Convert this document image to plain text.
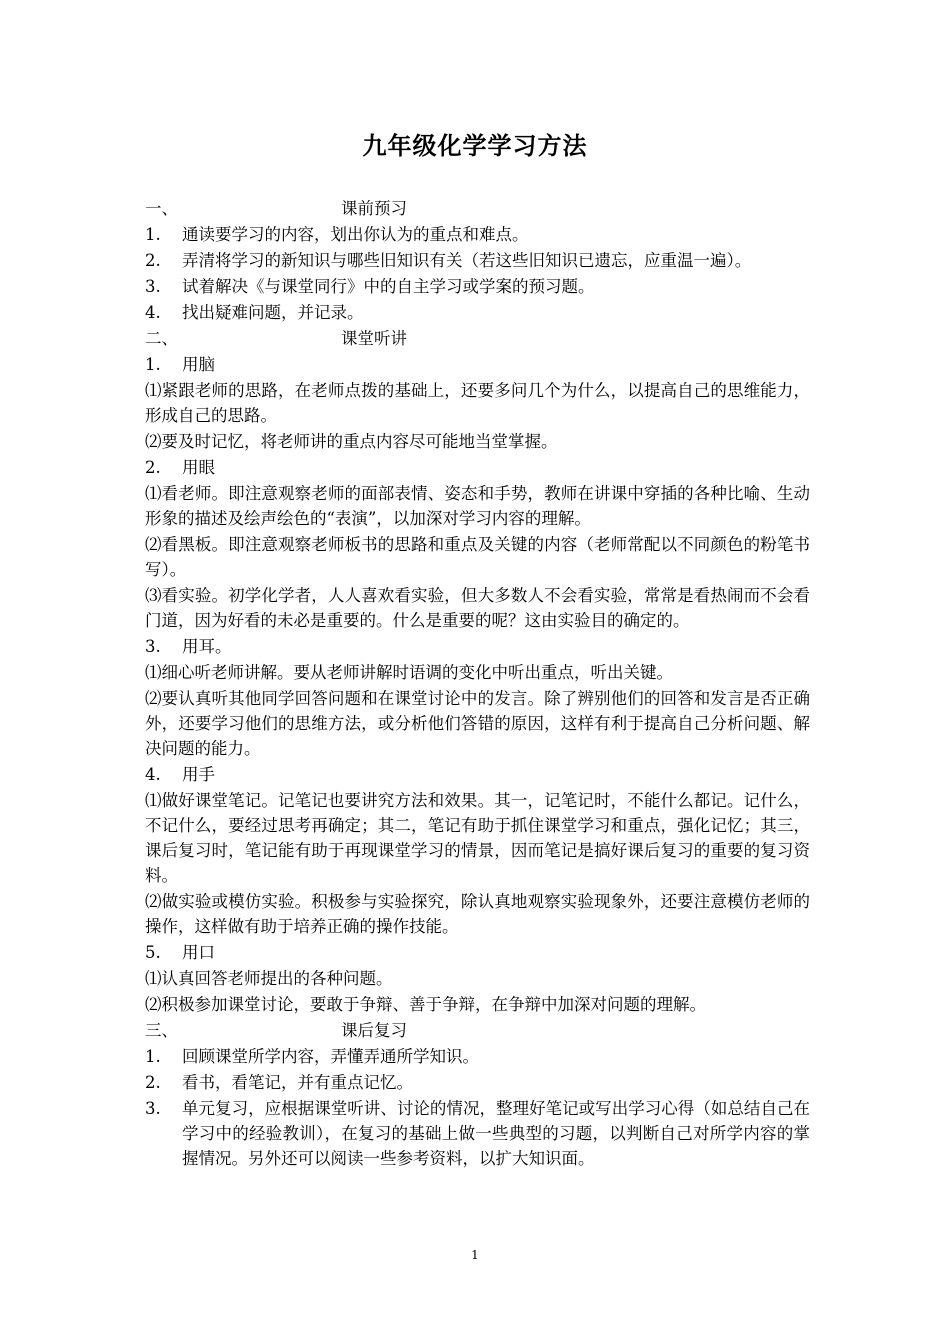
九年级化学学习方法
一、	课前预习
1.	通读要学习的内容，划出你认为的重点和难点。
2.	弄清将学习的新知识与哪些旧知识有关（若这些旧知识已遗忘，应重温一遍）。
3.	试着解决《与课堂同行》中的自主学习或学案的预习题。
4.	找出疑难问题，并记录。
二、	课堂听讲
1.	用脑
⑴紧跟老师的思路，在老师点拨的基础上，还要多问几个为什么，以提高自己的思维能力，形成自己的思路。
⑵要及时记忆，将老师讲的重点内容尽可能地当堂掌握。
2.	用眼
⑴看老师。即注意观察老师的面部表情、姿态和手势，教师在讲课中穿插的各种比喻、生动形象的描述及绘声绘色的“表演”，以加深对学习内容的理解。
⑵看黑板。即注意观察老师板书的思路和重点及关键的内容（老师常配以不同颜色的粉笔书写）。
⑶看实验。初学化学者，人人喜欢看实验，但大多数人不会看实验，常常是看热闹而不会看门道，因为好看的未必是重要的。什么是重要的呢？这由实验目的确定的。
3.	用耳。
⑴细心听老师讲解。要从老师讲解时语调的变化中听出重点，听出关键。
⑵要认真听其他同学回答问题和在课堂讨论中的发言。除了辨别他们的回答和发言是否正确外，还要学习他们的思维方法，或分析他们答错的原因，这样有利于提高自己分析问题、解决问题的能力。
4.	用手
⑴做好课堂笔记。记笔记也要讲究方法和效果。其一，记笔记时，不能什么都记。记什么，不记什么，要经过思考再确定；其二，笔记有助于抓住课堂学习和重点，强化记忆；其三，课后复习时，笔记能有助于再现课堂学习的情景，因而笔记是搞好课后复习的重要的复习资料。
⑵做实验或模仿实验。积极参与实验探究，除认真地观察实验现象外，还要注意模仿老师的操作，这样做有助于培养正确的操作技能。
5.	用口
⑴认真回答老师提出的各种问题。
⑵积极参加课堂讨论，要敢于争辩、善于争辩，在争辩中加深对问题的理解。
三、	课后复习
1.	回顾课堂所学内容，弄懂弄通所学知识。
2.	看书，看笔记，并有重点记忆。
3.	单元复习，应根据课堂听讲、讨论的情况，整理好笔记或写出学习心得（如总结自己在学习中的经验教训），在复习的基础上做一些典型的习题，以判断自己对所学内容的掌握情况。另外还可以阅读一些参考资料，以扩大知识面。
1
